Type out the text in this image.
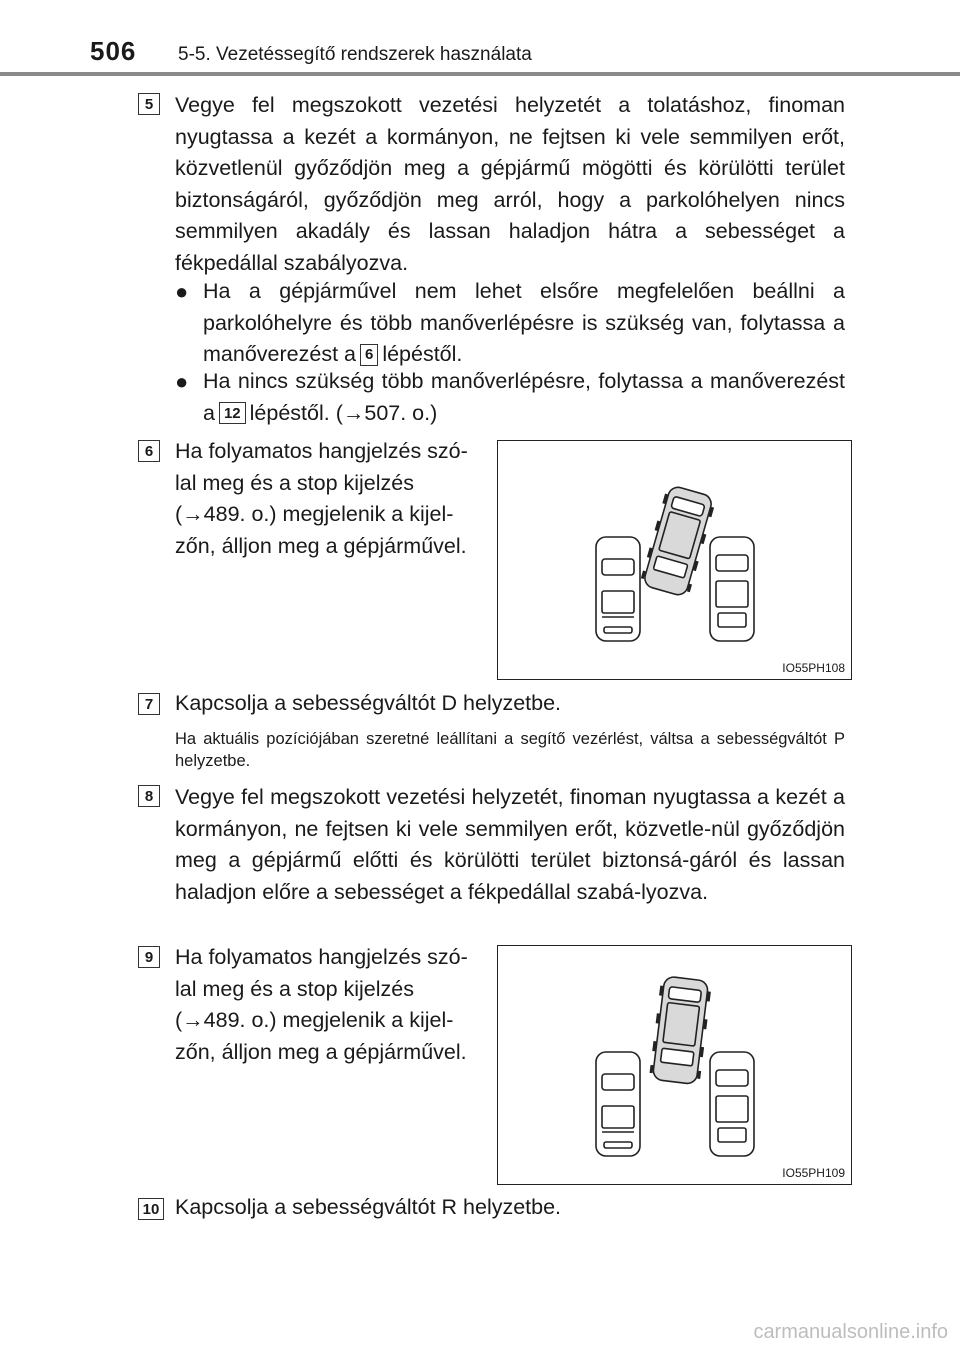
506 5-5. Vezetéssegítő rendszerek használata
5	Vegye fel megszokott vezetési helyzetét a tolatáshoz, finoman nyugtassa a kezét a kormányon, ne fejtsen ki vele semmilyen erőt, közvetlenül győződjön meg a gépjármű mögötti és körülötti terület biztonságáról, győződjön meg arról, hogy a parkolóhelyen nincs semmilyen akadály és lassan haladjon hátra a sebességet a fékpedállal szabályozva.
● Ha a gépjárművel nem lehet elsőre megfelelően beállni a parkolóhelyre és több manőverlépésre is szükség van, folytassa a manőverezést a 6 lépéstől.
● Ha nincs szükség több manőverlépésre, folytassa a manőverezést a 12 lépéstől. (→507. o.)
6	Ha folyamatos hangjelzés szó-lal meg és a stop kijelzés (→489. o.) megjelenik a kijel-zőn, álljon meg a gépjárművel.
IO55PH108
7	Kapcsolja a sebességváltót D helyzetbe.
Ha aktuális pozíciójában szeretné leállítani a segítő vezérlést, váltsa a sebességváltót P helyzetbe.
8	Vegye fel megszokott vezetési helyzetét, finoman nyugtassa a kezét a kormányon, ne fejtsen ki vele semmilyen erőt, közvetle-nül győződjön meg a gépjármű előtti és körülötti terület biztonsá-gáról és lassan haladjon előre a sebességet a fékpedállal szabá-lyozva.
9	Ha folyamatos hangjelzés szó-lal meg és a stop kijelzés (→489. o.) megjelenik a kijel-zőn, álljon meg a gépjárművel.
IO55PH109
10 Kapcsolja a sebességváltót R helyzetbe.
carmanualsonline.info
